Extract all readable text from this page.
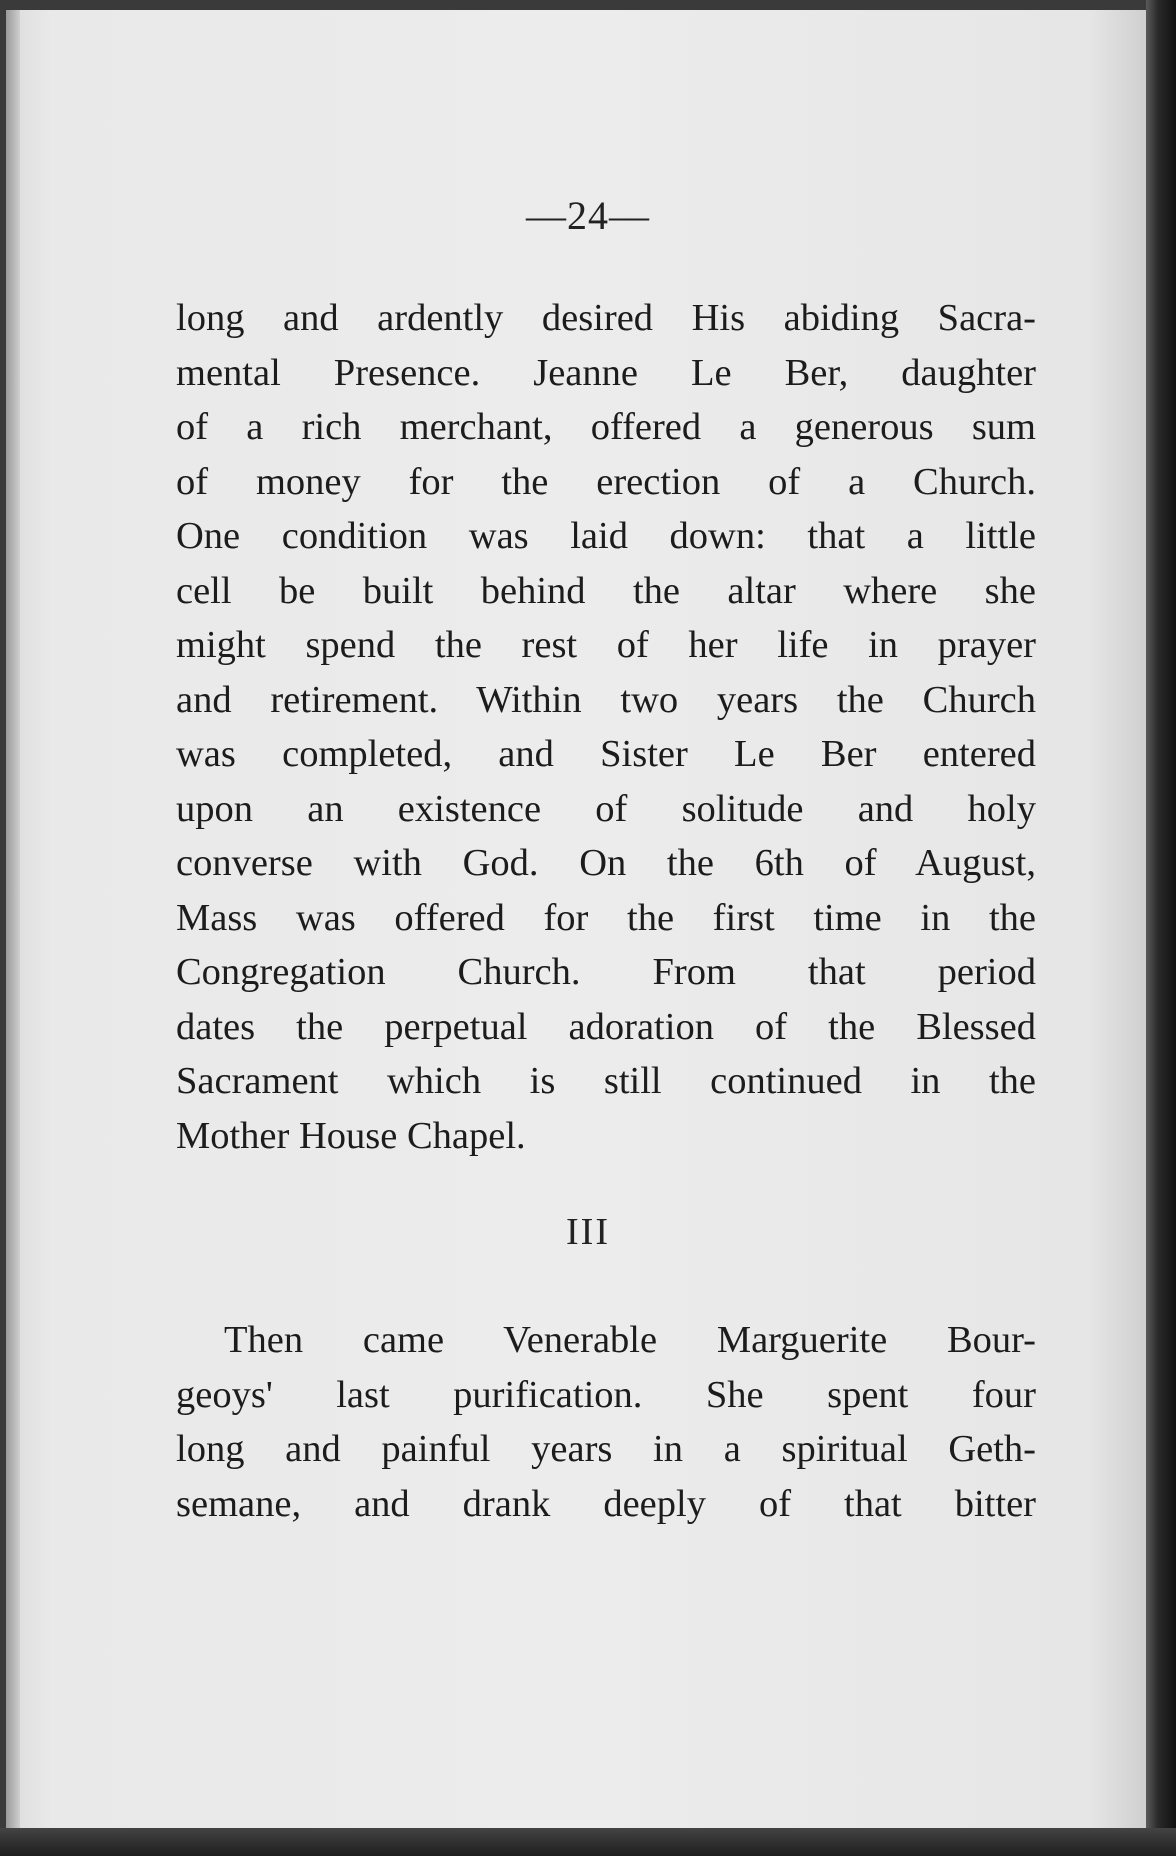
—24—
long and ardently desired His abiding Sacra-
mental Presence. Jeanne Le Ber, daughter
of a rich merchant, offered a generous sum
of money for the erection of a Church.
One condition was laid down: that a little
cell be built behind the altar where she
might spend the rest of her life in prayer
and retirement. Within two years the Church
was completed, and Sister Le Ber entered
upon an existence of solitude and holy
converse with God. On the 6th of August,
Mass was offered for the first time in the
Congregation Church. From that period
dates the perpetual adoration of the Blessed
Sacrament which is still continued in the
Mother House Chapel.
III
Then came Venerable Marguerite Bour-
geoys' last purification. She spent four
long and painful years in a spiritual Geth-
semane, and drank deeply of that bitter
